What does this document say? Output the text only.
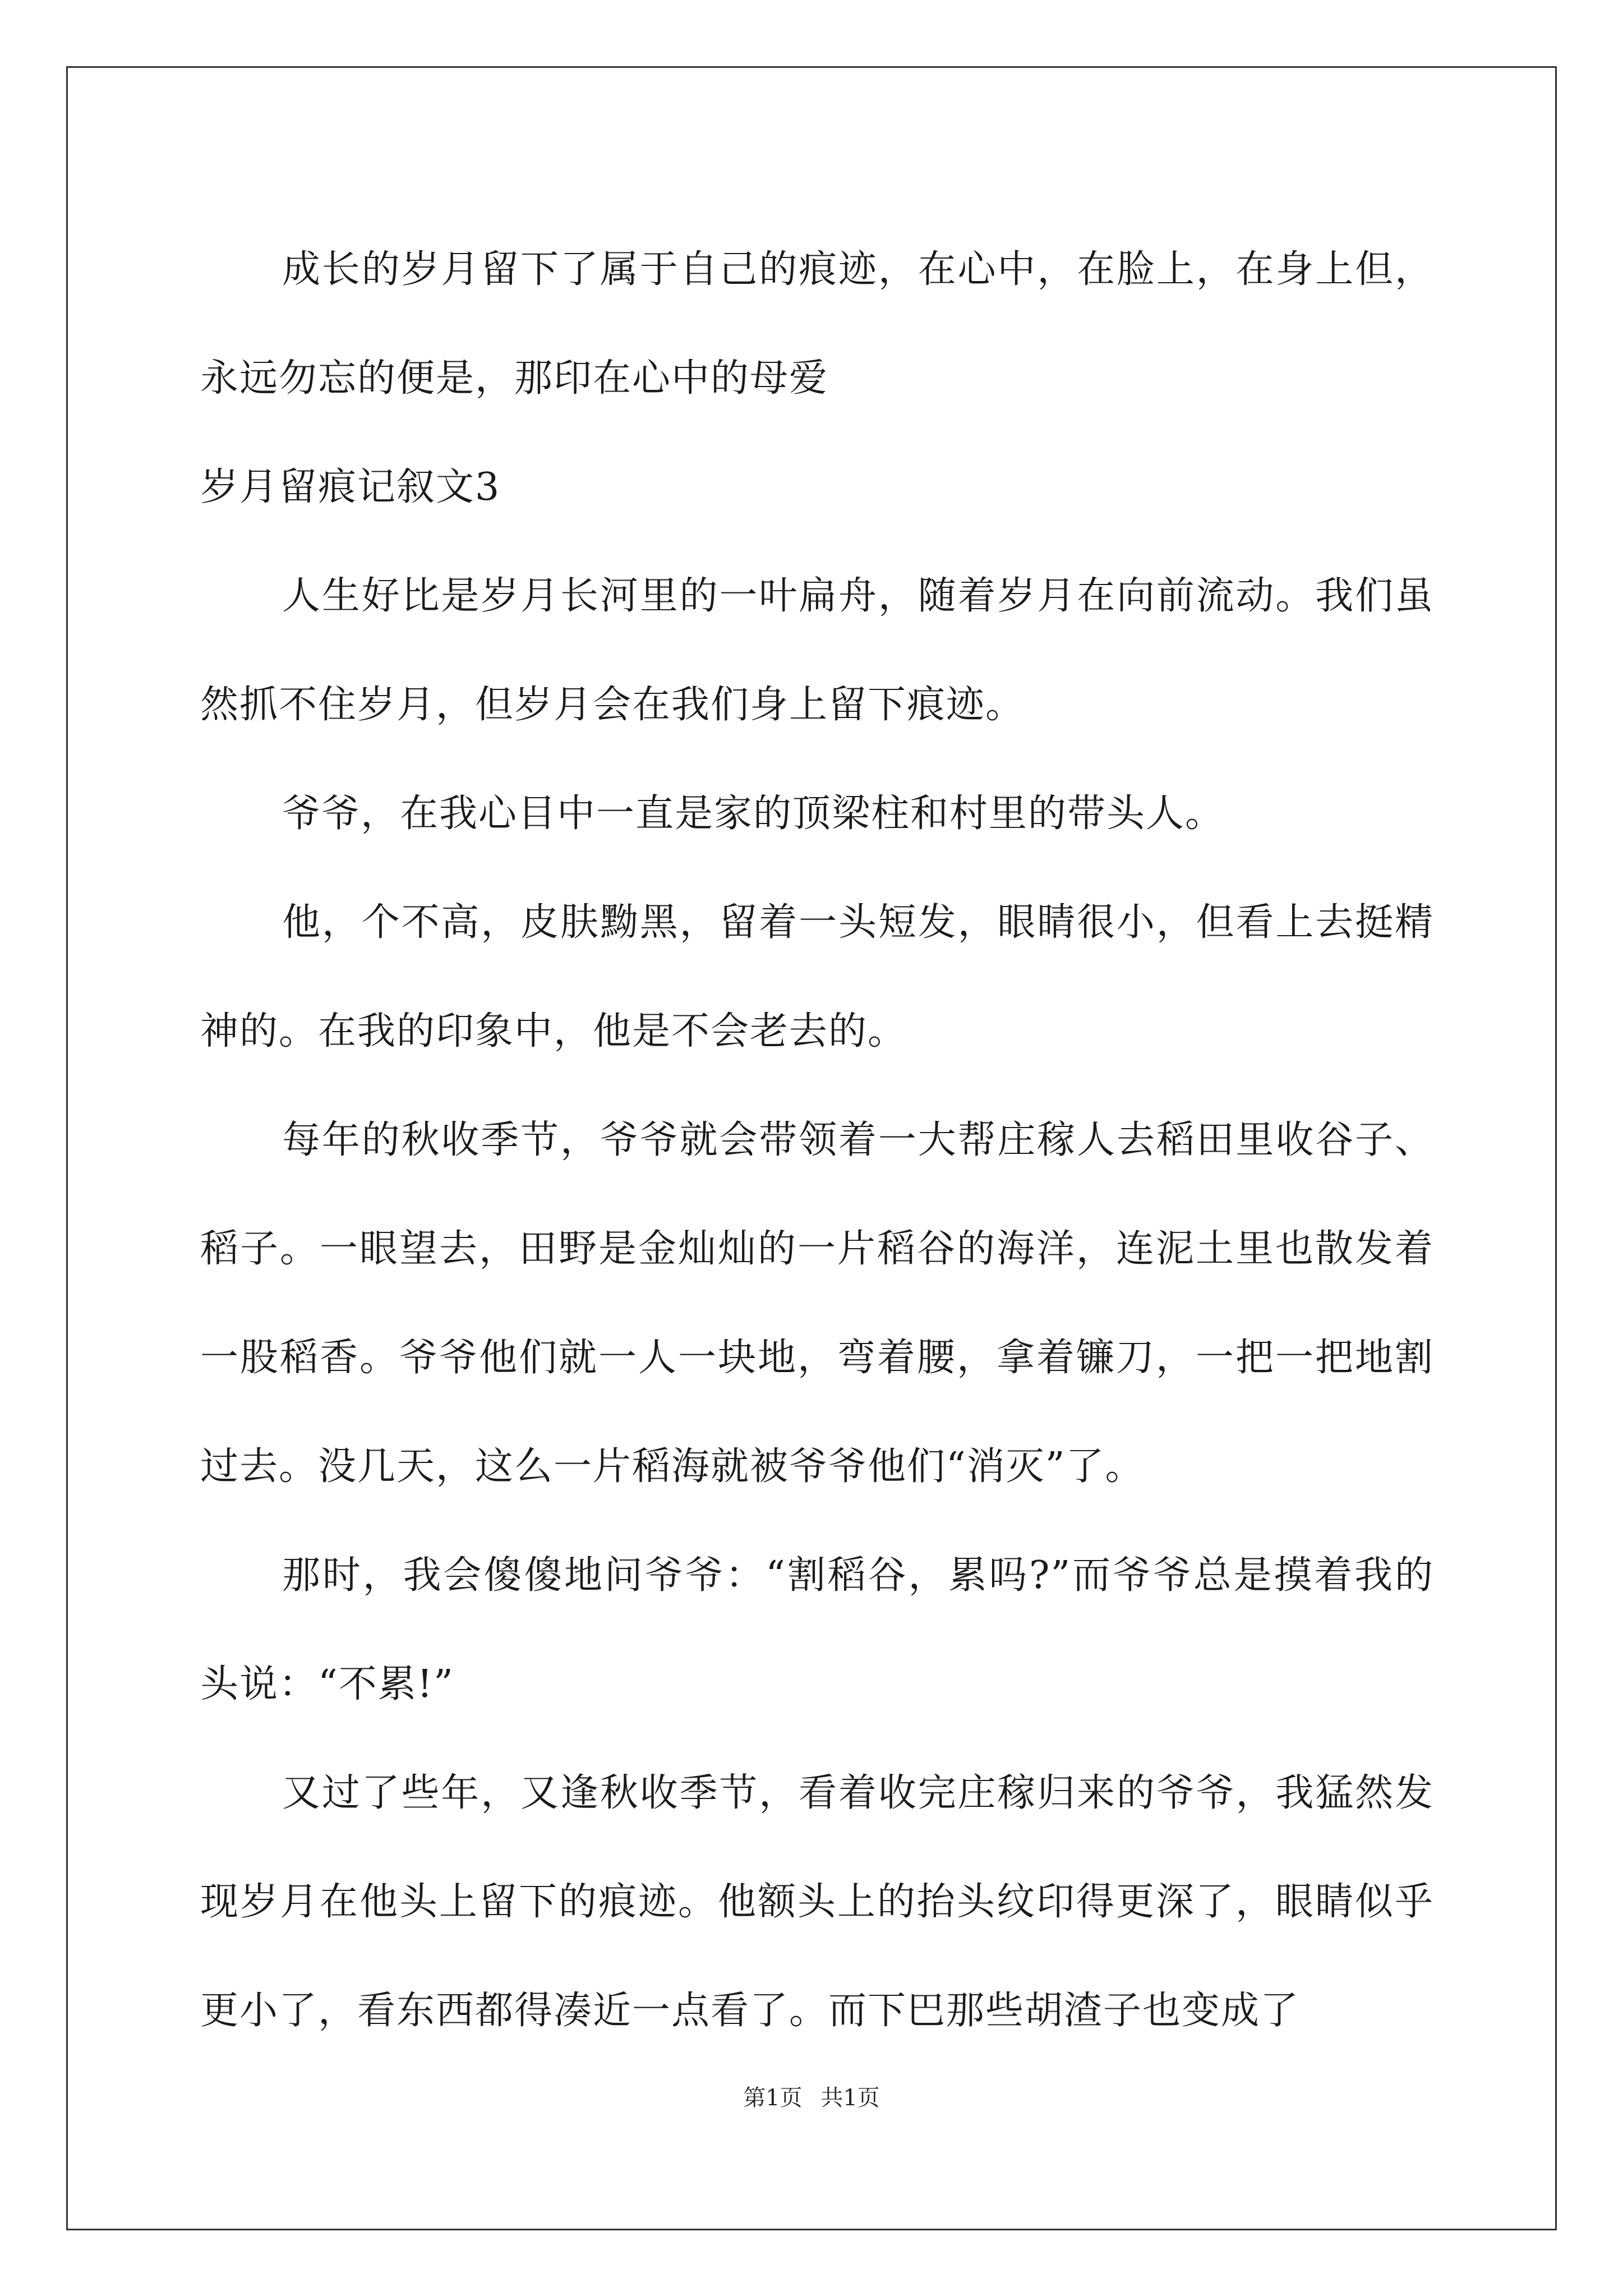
成长的岁月留下了属于自己的痕迹，在心中，在脸上，在身上但，永远勿忘的便是，那印在心中的母爱

岁月留痕记叙文3

人生好比是岁月长河里的一叶扁舟，随着岁月在向前流动。我们虽然抓不住岁月，但岁月会在我们身上留下痕迹。

爷爷，在我心目中一直是家的顶梁柱和村里的带头人。

他，个不高，皮肤黝黑，留着一头短发，眼睛很小，但看上去挺精神的。在我的印象中，他是不会老去的。

每年的秋收季节，爷爷就会带领着一大帮庄稼人去稻田里收谷子、稻子。一眼望去，田野是金灿灿的一片稻谷的海洋，连泥土里也散发着一股稻香。爷爷他们就一人一块地，弯着腰，拿着镰刀，一把一把地割过去。没几天，这么一片稻海就被爷爷他们“消灭”了。

那时，我会傻傻地问爷爷：“割稻谷，累吗?”而爷爷总是摸着我的头说：“不累!”

又过了些年，又逢秋收季节，看着收完庄稼归来的爷爷，我猛然发现岁月在他头上留下的痕迹。他额头上的抬头纹印得更深了，眼睛似乎更小了，看东西都得凑近一点看了。而下巴那些胡渣子也变成了

第1页 共1页
